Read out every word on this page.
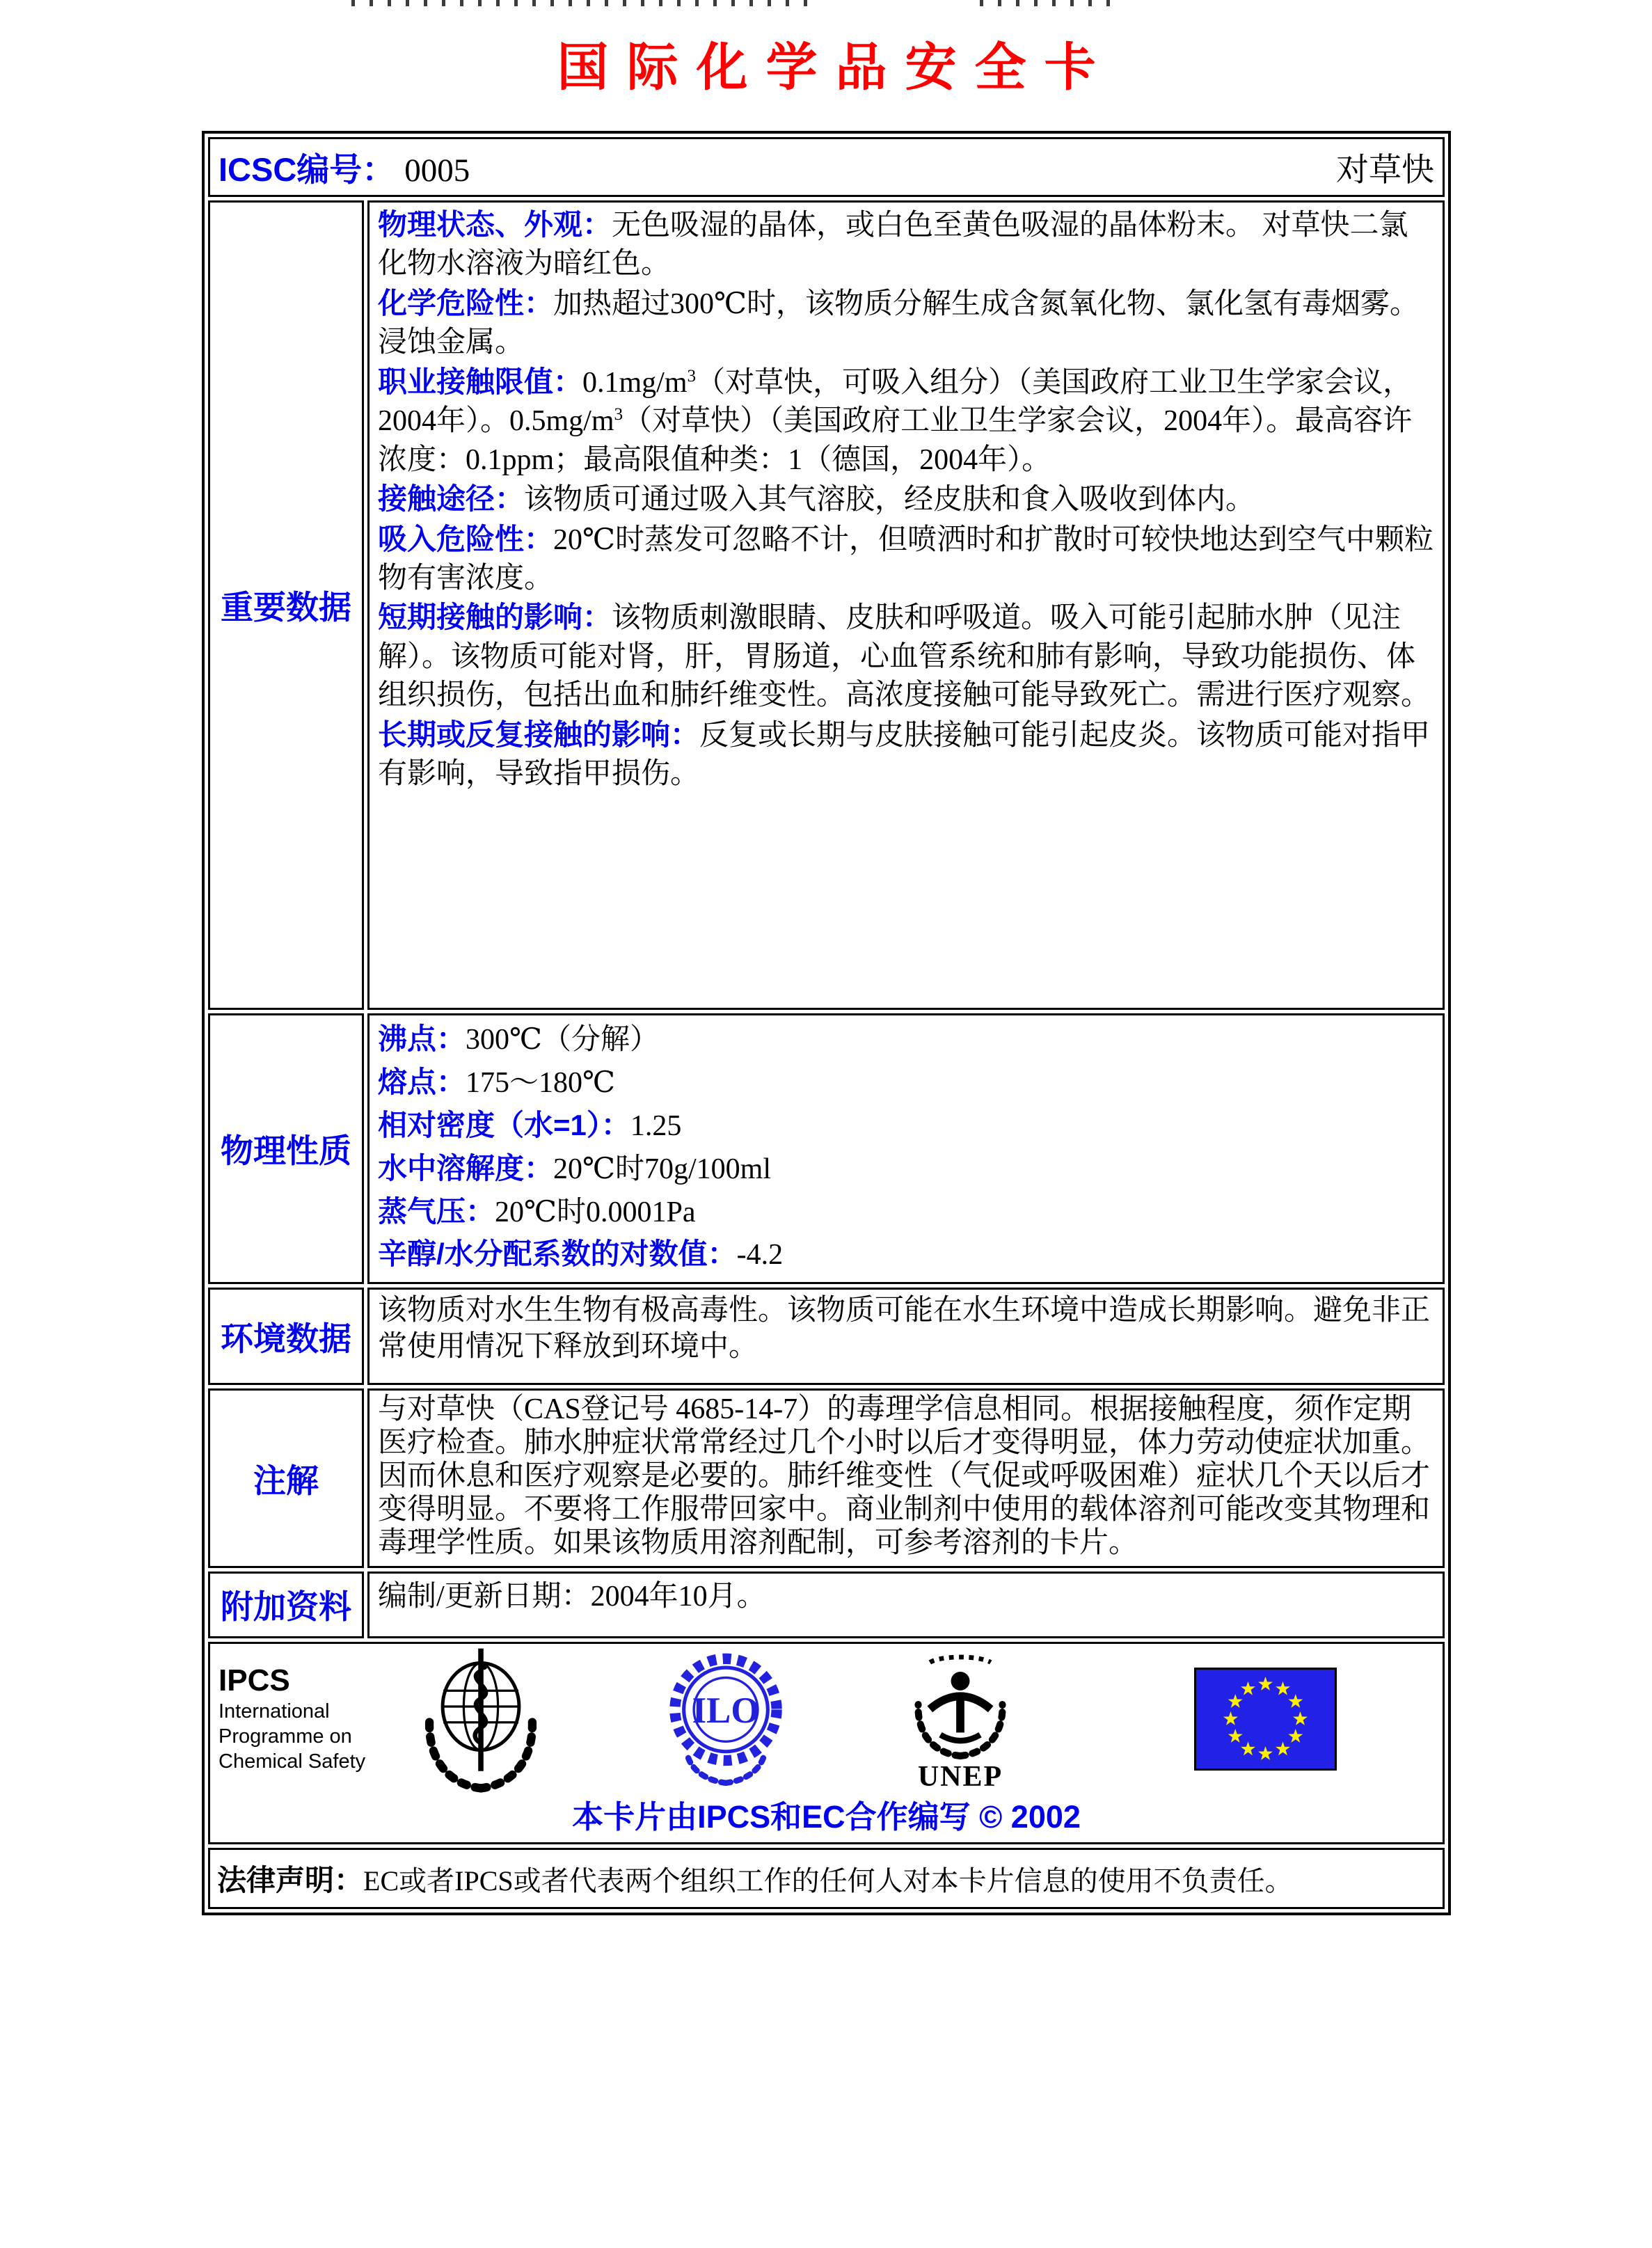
国际化学品安全卡
ICSC编号： 0005 对草快	

重要数据	
物理状态、外观：无色吸湿的晶体，或白色至黄色吸湿的晶体粉末。 对草快二氯化物水溶液为暗红色。
化学危险性：加热超过300℃时，该物质分解生成含氮氧化物、氯化氢有毒烟雾。浸蚀金属。
职业接触限值：$0.1mg/m^3$（对草快，可吸入组分）（美国政府工业卫生学家会议，2004年）。$0.5mg/m^3$（对草快）（美国政府工业卫生学家会议，2004年）。最高容许浓度：0.1ppm；最高限值种类：1（德国，2004年）。
接触途径：该物质可通过吸入其气溶胶，经皮肤和食入吸收到体内。
吸入危险性：20℃时蒸发可忽略不计，但喷洒时和扩散时可较快地达到空气中颗粒物有害浓度。
短期接触的影响：该物质刺激眼睛、皮肤和呼吸道。吸入可能引起肺水肿（见注解）。该物质可能对肾，肝，胃肠道，心血管系统和肺有影响，导致功能损伤、体组织损伤，包括出血和肺纤维变性。高浓度接触可能导致死亡。需进行医疗观察。
长期或反复接触的影响：反复或长期与皮肤接触可能引起皮炎。该物质可能对指甲有影响，导致指甲损伤。

物理性质	
沸点：300℃（分解）
熔点：175～180℃
相对密度（水=1）：1.25
水中溶解度：20℃时70g/100ml
蒸气压：20℃时0.0001Pa
辛醇/水分配系数的对数值：-4.2

环境数据	该物质对水生生物有极高毒性。该物质可能在水生环境中造成长期影响。避免非正常使用情况下释放到环境中。

注解	与对草快（CAS登记号 4685-14-7）的毒理学信息相同。根据接触程度，须作定期医疗检查。肺水肿症状常常经过几个小时以后才变得明显，体力劳动使症状加重。因而休息和医疗观察是必要的。肺纤维变性（气促或呼吸困难）症状几个天以后才变得明显。不要将工作服带回家中。商业制剂中使用的载体溶剂可能改变其物理和毒理学性质。如果该物质用溶剂配制，可参考溶剂的卡片。

附加资料	编制/更新日期：2004年10月。

IPCS
International
Programme on
Chemical Safety
ILO
UNEP
本卡片由IPCS和EC合作编写 © 2002

法律声明：EC或者IPCS或者代表两个组织工作的任何人对本卡片信息的使用不负责任。	
